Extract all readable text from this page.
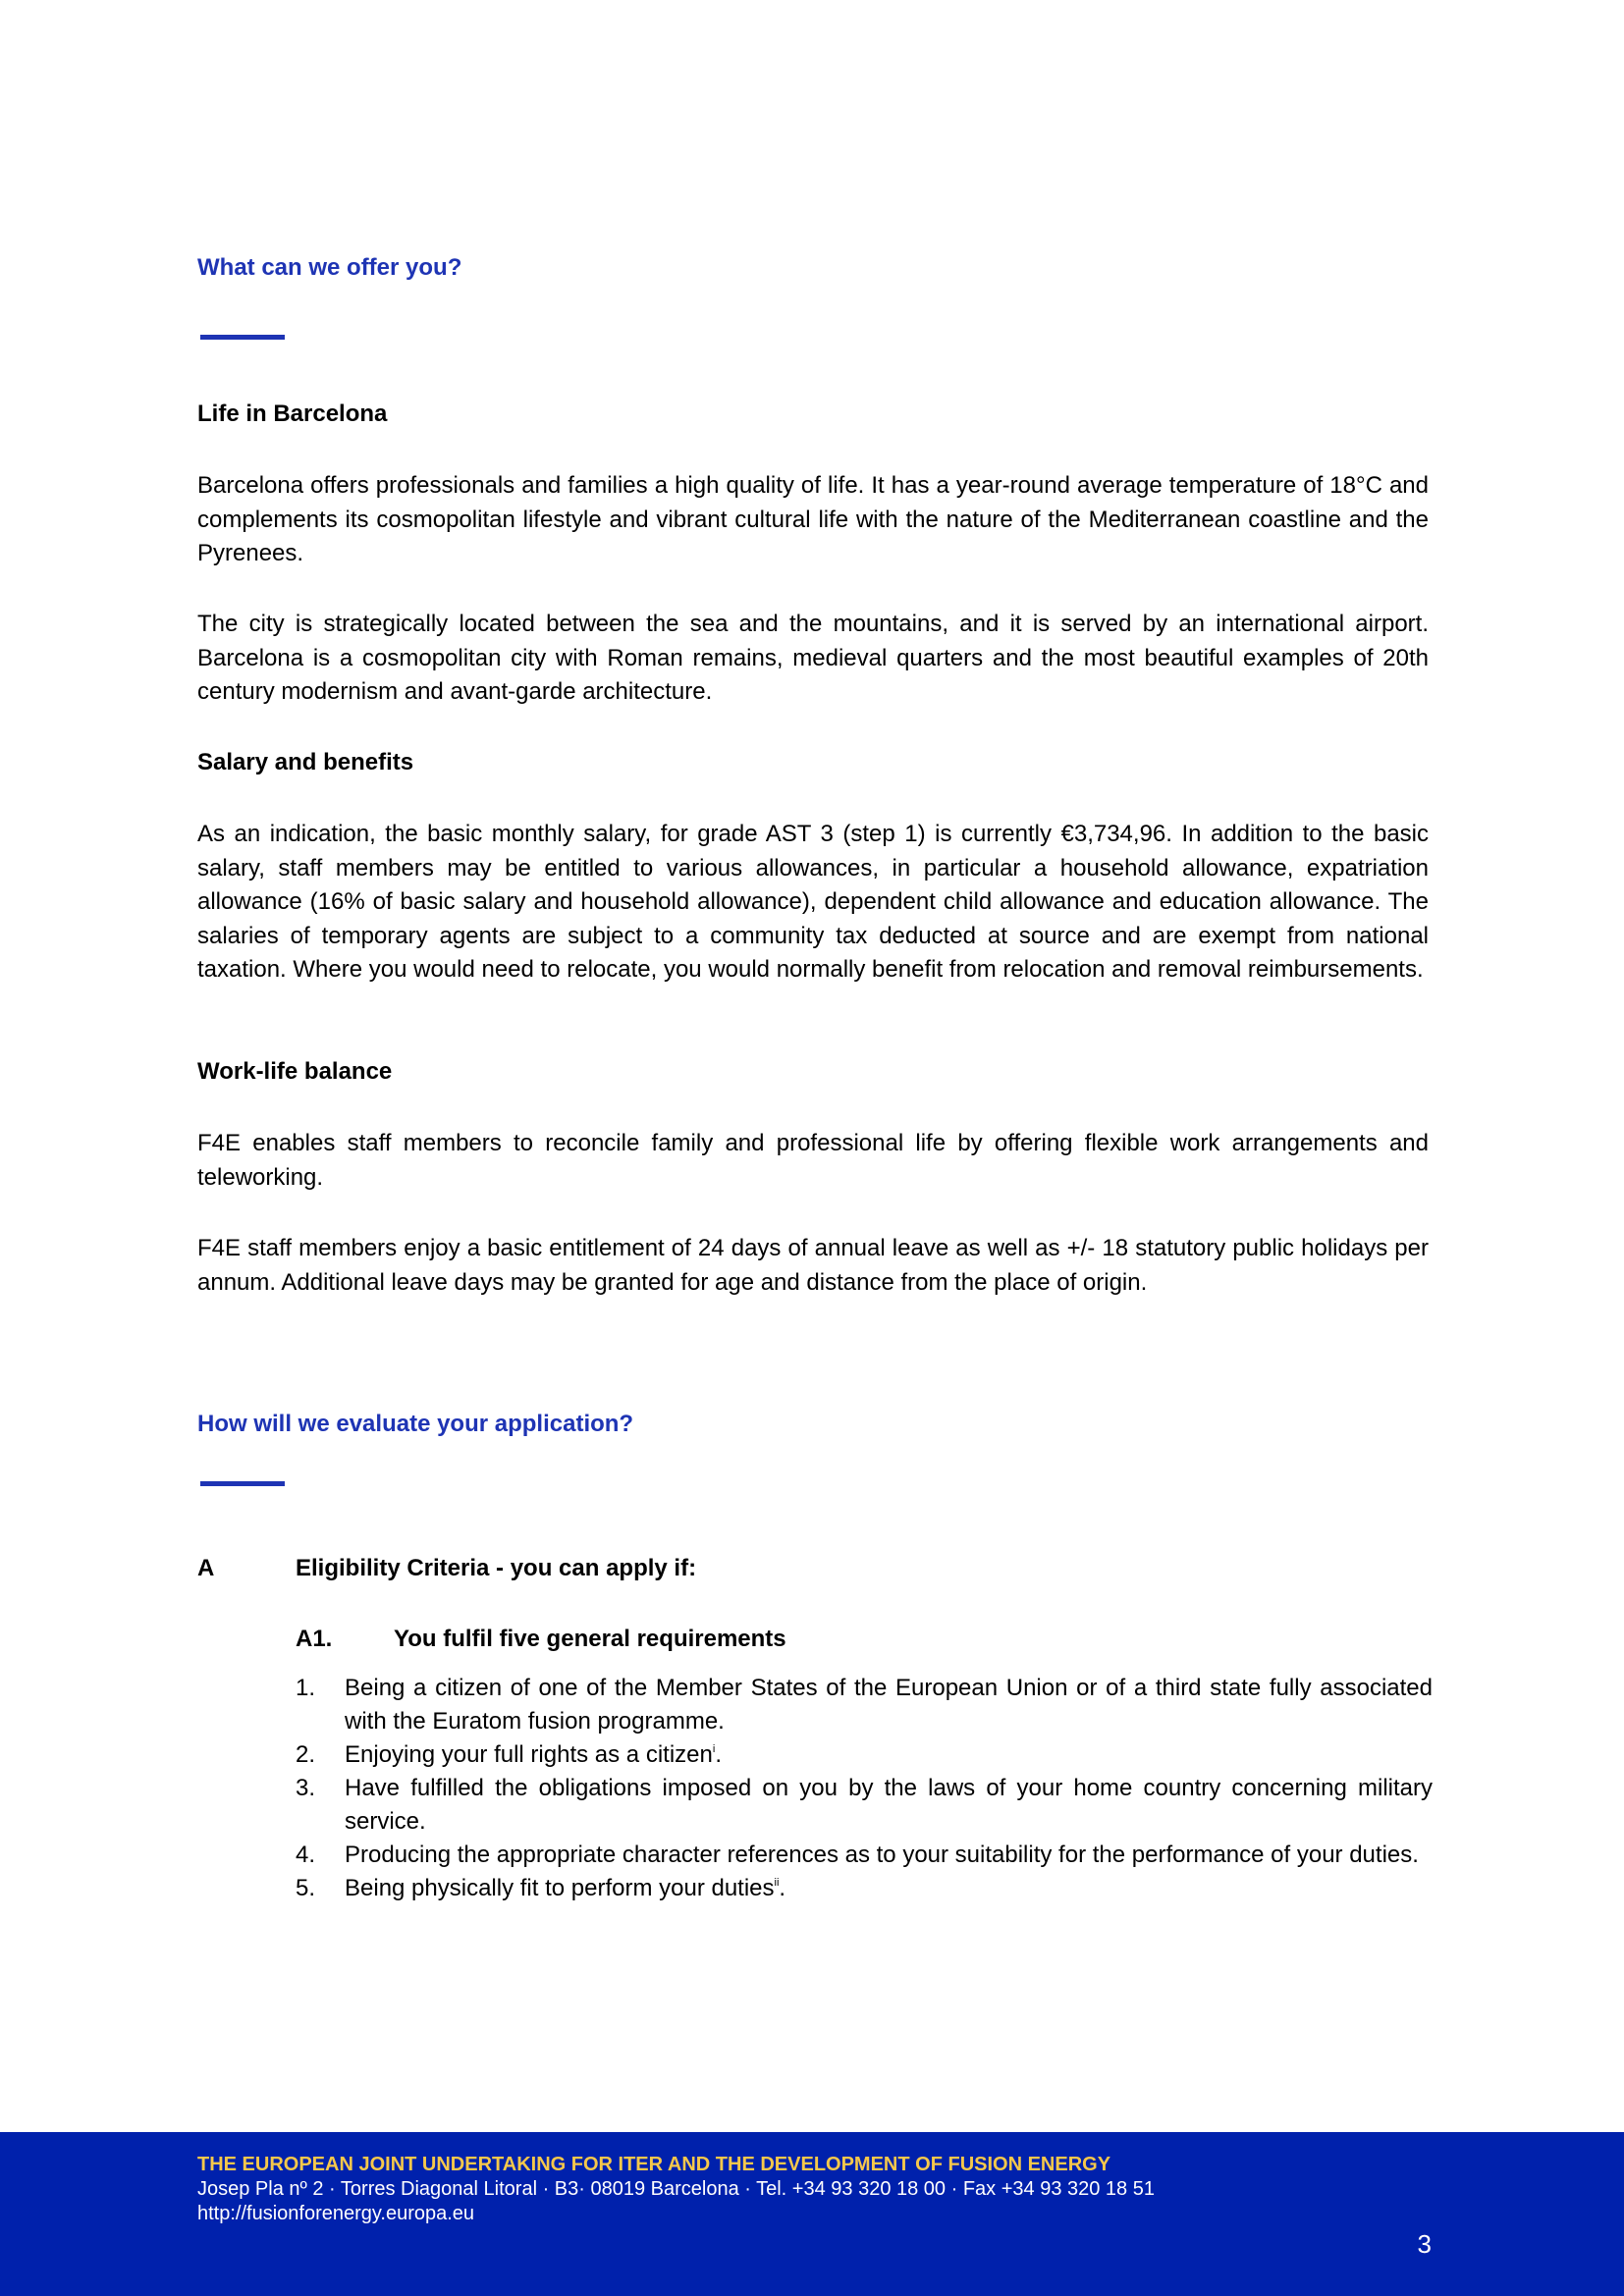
What can we offer you?
Life in Barcelona

Barcelona offers professionals and families a high quality of life. It has a year-round average temperature of 18°C and complements its cosmopolitan lifestyle and vibrant cultural life with the nature of the Mediterranean coastline and the Pyrenees.

The city is strategically located between the sea and the mountains, and it is served by an international airport. Barcelona is a cosmopolitan city with Roman remains, medieval quarters and the most beautiful examples of 20th century modernism and avant-garde architecture.

Salary and benefits

As an indication, the basic monthly salary, for grade AST 3 (step 1) is currently €3,734,96. In addition to the basic salary, staff members may be entitled to various allowances, in particular a household allowance, expatriation allowance (16% of basic salary and household allowance), dependent child allowance and education allowance. The salaries of temporary agents are subject to a community tax deducted at source and are exempt from national taxation. Where you would need to relocate, you would normally benefit from relocation and removal reimbursements.

Work-life balance

F4E enables staff members to reconcile family and professional life by offering flexible work arrangements and teleworking.

F4E staff members enjoy a basic entitlement of 24 days of annual leave as well as +/- 18 statutory public holidays per annum. Additional leave days may be granted for age and distance from the place of origin.

How will we evaluate your application?
A	Eligibility Criteria - you can apply if:
A1.	You fulfil five general requirements
1. Being a citizen of one of the Member States of the European Union or of a third state fully associated with the Euratom fusion programme.
2. Enjoying your full rights as a citizen$^i$.
3. Have fulfilled the obligations imposed on you by the laws of your home country concerning military service.
4. Producing the appropriate character references as to your suitability for the performance of your duties.
5. Being physically fit to perform your duties$^{ii}$.
THE EUROPEAN JOINT UNDERTAKING FOR ITER AND THE DEVELOPMENT OF FUSION ENERGY
Josep Pla nº 2 · Torres Diagonal Litoral · B3· 08019 Barcelona · Tel. +34 93 320 18 00 · Fax +34 93 320 18 51
http://fusionforenergy.europa.eu
3
